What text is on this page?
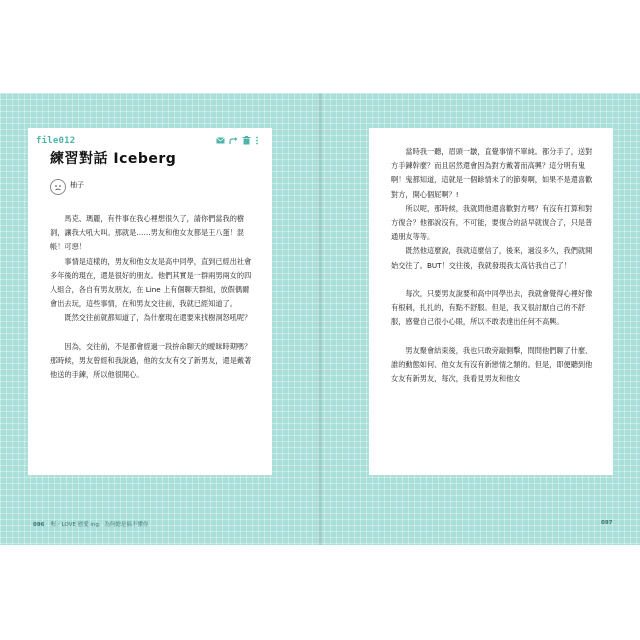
file012
練習對話 Iceberg
柚子

馬克、瑪麗，有件事在我心裡想很久了，請你們當我的樹洞，讓我大吼大叫。那就是……男友和他女友都是王八蛋！混帳！可惡！

事情是這樣的，男友和他女友是高中同學，直到已經出社會多年後的現在，還是很好的朋友。他們其實是一群兩男兩女的四人組合，各自有男友朋友，在 Line 上有個聊天群組，放假偶爾會出去玩，這些事情，在和男友交往前，我就已經知道了。

既然交往前就都知道了，為什麼現在還要來找樹洞怒吼呢？

因為，交往前，不是都會經過一段拚命聊天的曖昧時期嗎？那時候，男友曾經和我說過，他的女友有交了新男友，還是戴著他送的手鍊，所以他很開心。

當時我一聽，眉頭一皺，直覺事情不單純。都分手了，送對方手鍊幹麼？而且居然還會因為對方戴著而高興？這分明有鬼啊！鬼都知道，這就是一個餘情未了的節奏啊，如果不是還喜歡對方，開心個屁啊？!

所以呢，那時候，我就問他還喜歡對方嗎？有沒有打算和對方復合？他都說沒有，不可能，要復合的話早就復合了，只是普通朋友等等。

既然他這麼說，我就這麼信了，後來，過沒多久，我們就開始交往了。BUT！交往後，我就發現我太高估我自己了！

每次，只要男友說要和高中同學出去，我就會覺得心裡好像有根刺，扎扎的，有點不舒服。但是，我又很討厭自己的不舒服，感覺自己很小心眼，所以不敢表達出任何不高興。

男友聚會結束後，我也只敢旁敲側擊，問問他們聊了什麼、誰的動態如何、他女友有沒有新戀情之類的。但是，即便聽到他女友有新男友，每次，我看見男友和他女

096 喔／LOVE 戀愛 ing．為何總是搞不懂你	097
